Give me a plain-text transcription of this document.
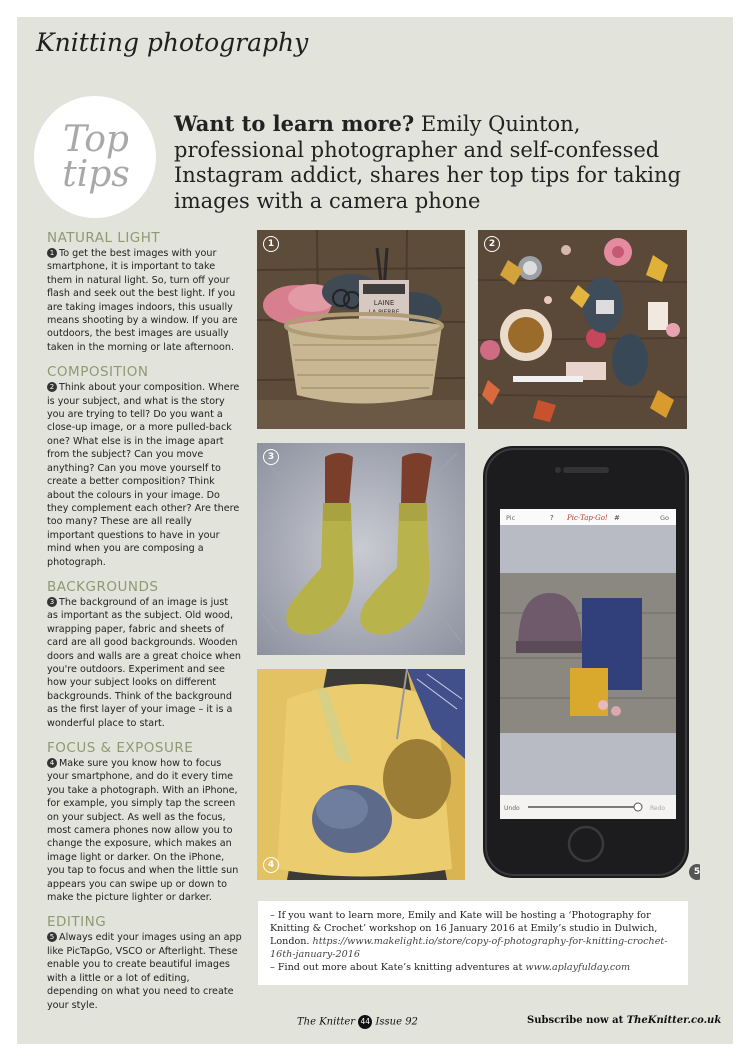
Knitting photography
Top
tips
Want to learn more? Emily Quinton, professional photographer and self-confessed Instagram addict, shares her top tips for taking images with a camera phone
NATURAL LIGHT

1 To get the best images with your smartphone, it is important to take them in natural light. So, turn off your flash and seek out the best light. If you are taking images indoors, this usually means shooting by a window. If you are outdoors, the best images are usually taken in the morning or late afternoon.

COMPOSITION

2 Think about your composition. Where is your subject, and what is the story you are trying to tell? Do you want a close-up image, or a more pulled-back one? What else is in the image apart from the subject? Can you move anything? Can you move yourself to create a better composition? Think about the colours in your image. Do they complement each other? Are there too many? These are all really important questions to have in your mind when you are composing a photograph.

BACKGROUNDS

3 The background of an image is just as important as the subject. Old wood, wrapping paper, fabric and sheets of card are all good backgrounds. Wooden doors and walls are a great choice when you're outdoors. Experiment and see how your subject looks on different backgrounds. Think of the background as the first layer of your image – it is a wonderful place to start.

FOCUS & EXPOSURE

4 Make sure you know how to focus your smartphone, and do it every time you take a photograph. With an iPhone, for example, you simply tap the screen on your subject. As well as the focus, most camera phones now allow you to change the exposure, which makes an image light or darker. On the iPhone, you tap to focus and when the little sun appears you can swipe up or down to make the picture lighter or darker.

EDITING

5 Always edit your images using an app like PicTapGo, VSCO or Afterlight. These enable you to create beautiful images with a little or a lot of editing, depending on what you need to create your style.

LAINE
LA PIERRE
1	2
3
4
Pic	? Pic·Tap·Go! #	Go
Undo	Redo
5

– If you want to learn more, Emily and Kate will be hosting a ‘Photography for Knitting & Crochet’ workshop on 16 January 2016 at Emily’s studio in Dulwich, London. https://www.makelight.io/store/copy-of-photography-for-knitting-crochet-16th-january-2016

– Find out more about Kate’s knitting adventures at www.aplayfulday.com

The Knitter 44 Issue 92	Subscribe now at TheKnitter.co.uk
